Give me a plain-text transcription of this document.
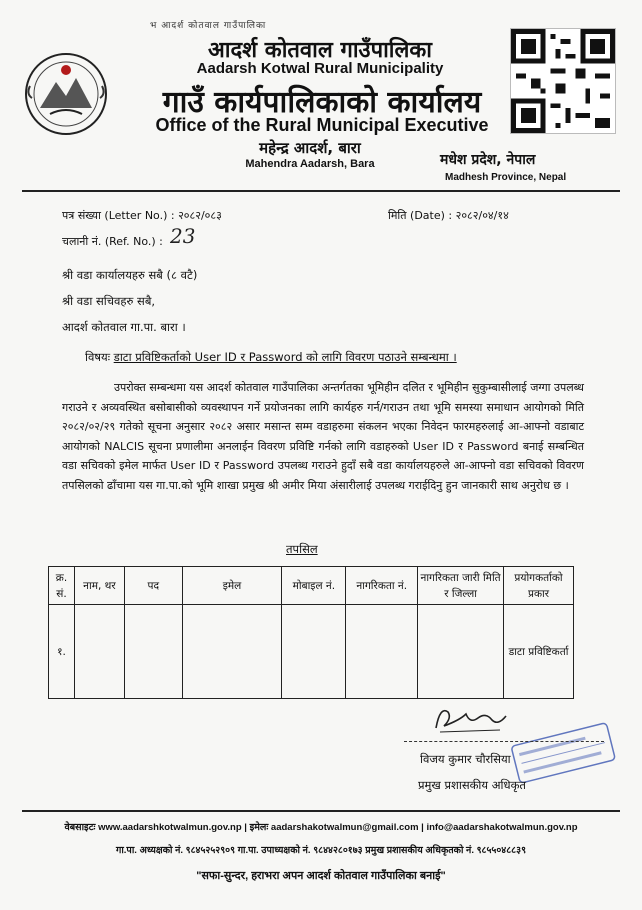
भ आदर्श कोतवाल गाउँपालिका
आदर्श कोतवाल गाउँपालिका
Aadarsh Kotwal Rural Municipality
गाउँ कार्यपालिकाको कार्यालय
Office of the Rural Municipal Executive
महेन्द्र आदर्श, बारा
Mahendra Aadarsh, Bara	मधेश प्रदेश, नेपाल
Madhesh Province, Nepal
पत्र संख्या (Letter No.) : २०८२/०८३	मिति (Date) : २०८२/०४/१४
चलानी नं. (Ref. No.) : 23
श्री वडा कार्यालयहरु सबै (८ वटै)
श्री वडा सचिवहरु सबै,
आदर्श कोतवाल गा.पा. बारा ।
विषयः डाटा प्रविष्टिकर्ताको User ID र Password को लागि विवरण पठाउने सम्बन्धमा ।
उपरोक्त सम्बन्धमा यस आदर्श कोतवाल गाउँपालिका अन्तर्गतका भूमिहीन दलित र भूमिहीन सुकुम्बासीलाई जग्गा उपलब्ध गराउने र अव्यवस्थित बसोबासीको व्यवस्थापन गर्ने प्रयोजनका लागि कार्यहरु गर्न/गराउन तथा भूमि समस्या समाधान आयोगको मिति २०८२/०२/२९ गतेको सूचना अनुसार २०८२ असार मसान्त सम्म वडाहरुमा संकलन भएका निवेदन फारमहरुलाई आ-आफ्नो वडाबाट आयोगको NALCIS सूचना प्रणालीमा अनलाईन विवरण प्रविष्टि गर्नको लागि वडाहरुको User ID र Password बनाई सम्बन्धित वडा सचिवको इमेल मार्फत User ID र Password उपलब्ध गराउने हुदाँ सबै वडा कार्यालयहरुले आ-आफ्नो वडा सचिवको विवरण तपसिलको ढाँचामा यस गा.पा.को भूमि शाखा प्रमुख श्री अमीर मिया अंसारीलाई उपलब्ध गराईदिनु हुन जानकारी साथ अनुरोध छ ।
तपसिल
क्र. सं.	नाम, थर	पद	इमेल	मोबाइल नं.	नागरिकता नं.	नागरिकता जारी मिति र जिल्ला	प्रयोगकर्ताको प्रकार
१.							डाटा प्रविष्टिकर्ता
विजय कुमार चौरसिया
प्रमुख प्रशासकीय अधिकृत
वेबसाइटः www.aadarshkotwalmun.gov.np | इमेलः aadarshakotwalmun@gmail.com | info@aadarshakotwalmun.gov.np
गा.पा. अध्यक्षको नं. ९८४५२५२९०९ गा.पा. उपाध्यक्षको नं. ९८४४२८०१७३ प्रमुख प्रशासकीय अधिकृतको नं. ९८५५०४८८३९
"सफा-सुन्दर, हराभरा अपन आदर्श कोतवाल गाउँपालिका बनाई"
